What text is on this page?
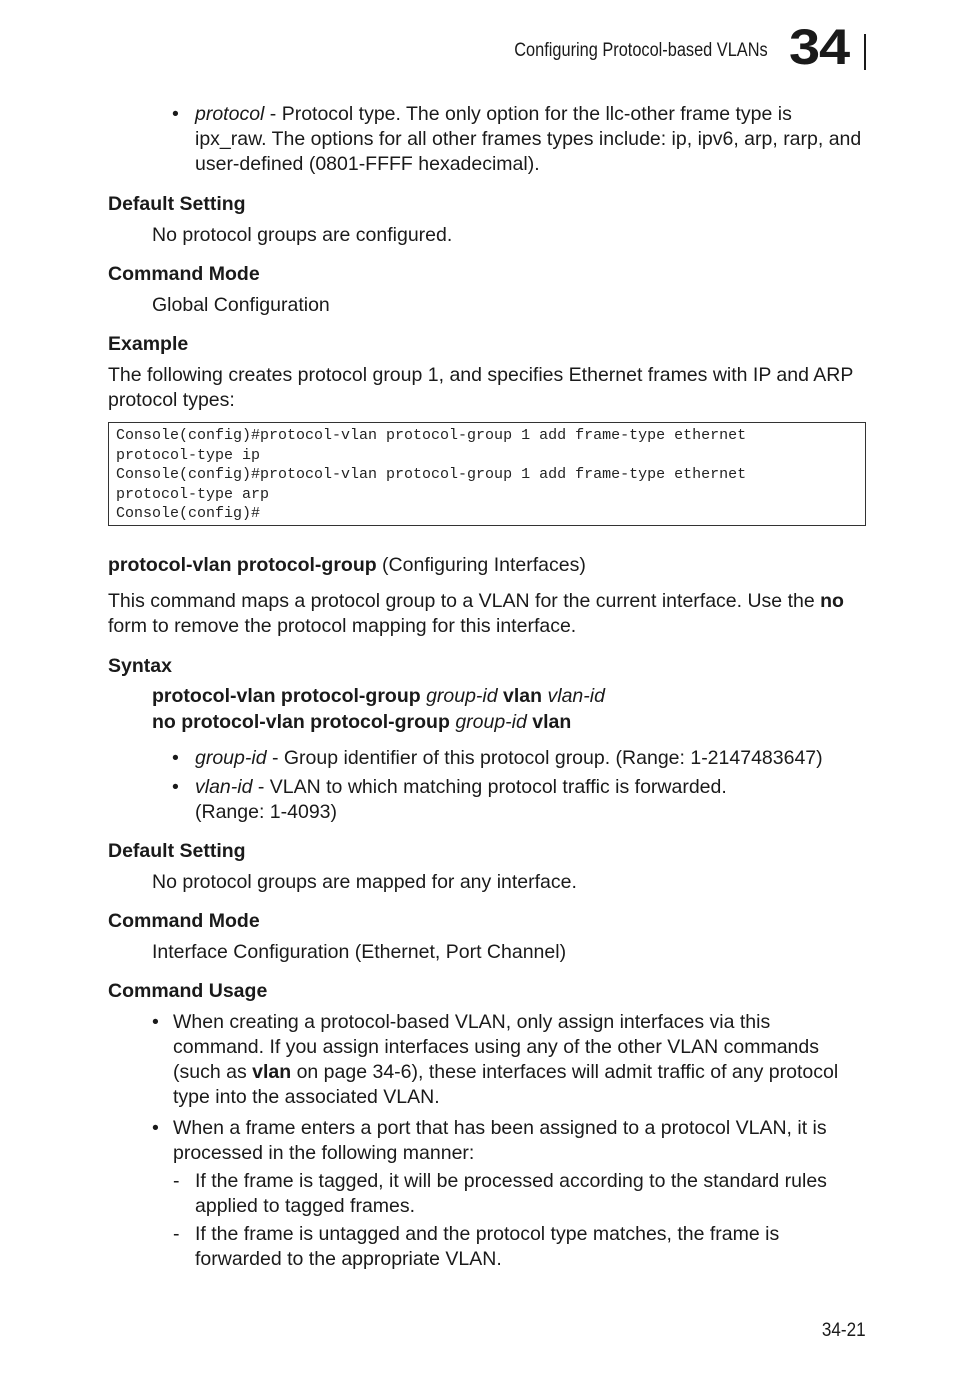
Configuring Protocol-based VLANs 34
• protocol - Protocol type. The only option for the llc-other frame type is ipx_raw. The options for all other frames types include: ip, ipv6, arp, rarp, and user-defined (0801-FFFF hexadecimal).
Default Setting
No protocol groups are configured.
Command Mode
Global Configuration
Example
The following creates protocol group 1, and specifies Ethernet frames with IP and ARP protocol types:
Console(config)#protocol-vlan protocol-group 1 add frame-type ethernet
protocol-type ip
Console(config)#protocol-vlan protocol-group 1 add frame-type ethernet
protocol-type arp
Console(config)#
protocol-vlan protocol-group (Configuring Interfaces)
This command maps a protocol group to a VLAN for the current interface. Use the no form to remove the protocol mapping for this interface.
Syntax
protocol-vlan protocol-group group-id vlan vlan-id
no protocol-vlan protocol-group group-id vlan
• group-id - Group identifier of this protocol group. (Range: 1-2147483647)
• vlan-id - VLAN to which matching protocol traffic is forwarded.
(Range: 1-4093)
Default Setting
No protocol groups are mapped for any interface.
Command Mode
Interface Configuration (Ethernet, Port Channel)
Command Usage
• When creating a protocol-based VLAN, only assign interfaces via this command. If you assign interfaces using any of the other VLAN commands (such as vlan on page 34-6), these interfaces will admit traffic of any protocol type into the associated VLAN.
• When a frame enters a port that has been assigned to a protocol VLAN, it is processed in the following manner:
- If the frame is tagged, it will be processed according to the standard rules applied to tagged frames.
- If the frame is untagged and the protocol type matches, the frame is forwarded to the appropriate VLAN.
34-21
